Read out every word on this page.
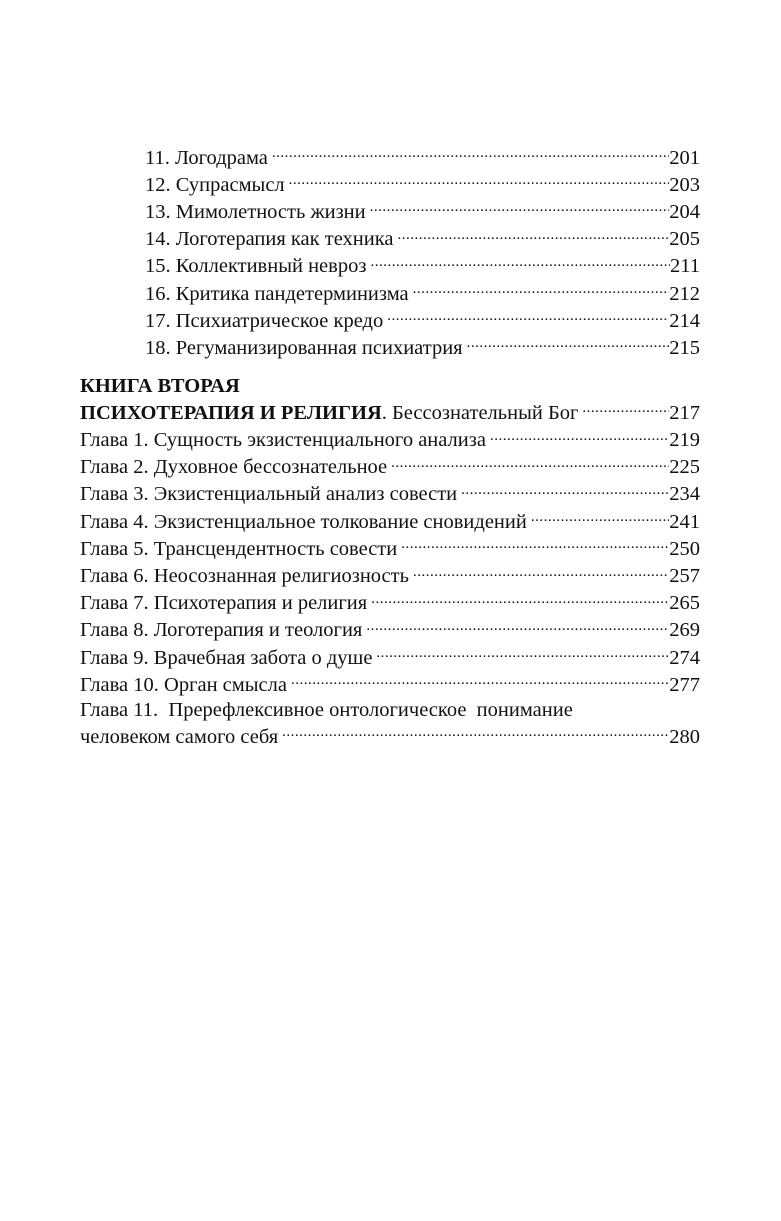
11. Логодрама .....	201
12. Супрасмысл .....	203
13. Мимолетность жизни .....	204
14. Логотерапия как техника .....	205
15. Коллективный невроз .....	211
16. Критика пандетерминизма .....	212
17. Психиатрическое кредо .....	214
18. Регуманизированная психиатрия .....	215
КНИГА ВТОРАЯ
ПСИХОТЕРАПИЯ И РЕЛИГИЯ. Бессознательный Бог .....	217
Глава 1. Сущность экзистенциального анализа .....	219
Глава 2. Духовное бессознательное .....	225
Глава 3. Экзистенциальный анализ совести .....	234
Глава 4. Экзистенциальное толкование сновидений .....	241
Глава 5. Трансцендентность совести .....	250
Глава 6. Неосознанная религиозность .....	257
Глава 7. Психотерапия и религия .....	265
Глава 8. Логотерапия и теология .....	269
Глава 9. Врачебная забота о душе .....	274
Глава 10. Орган смысла .....	277
Глава 11.  Пререфлексивное онтологическое  понимание
человеком самого себя .....	280
